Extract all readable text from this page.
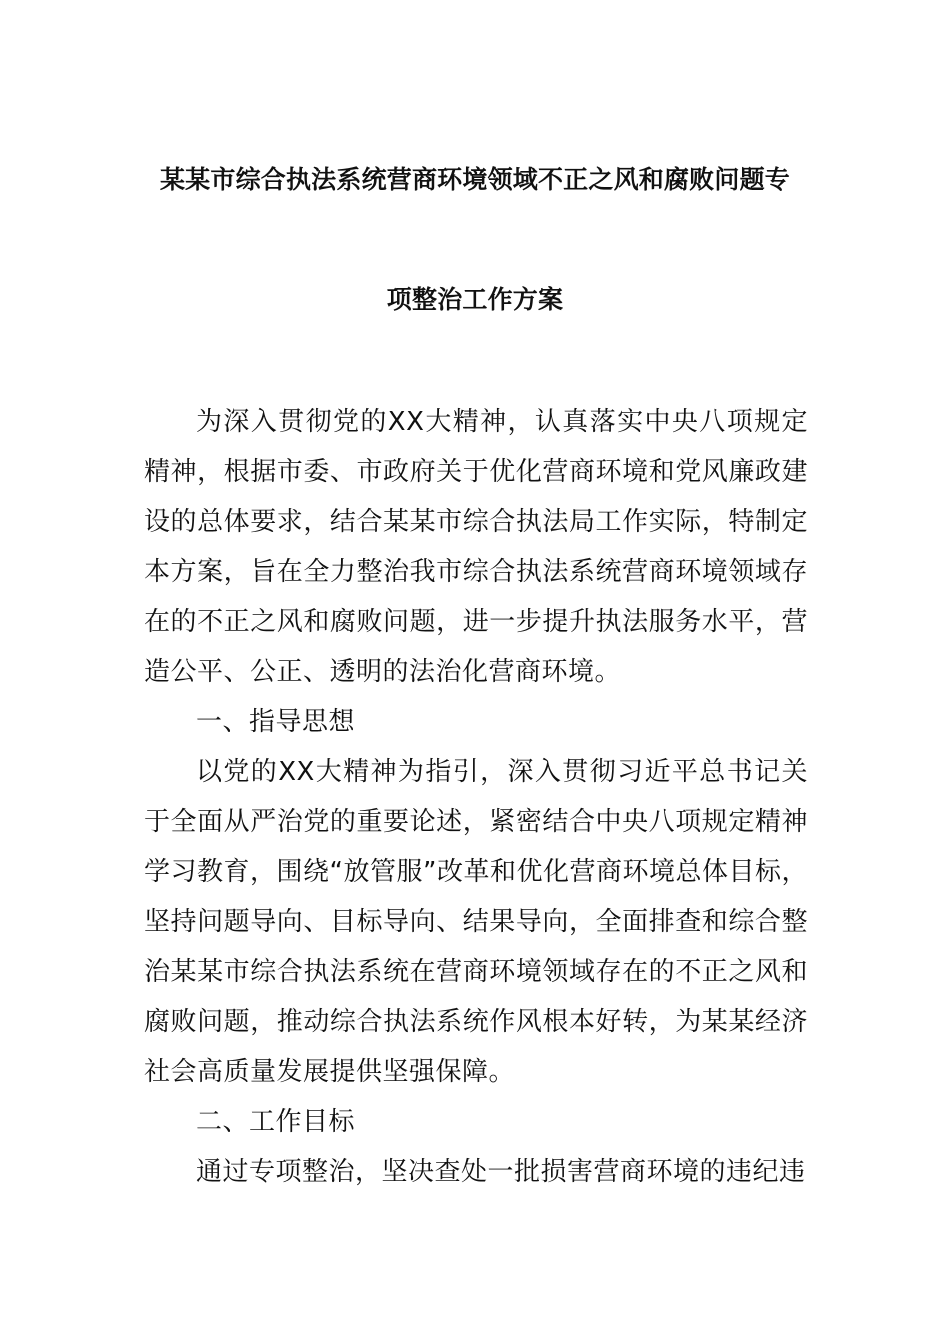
某某市综合执法系统营商环境领域不正之风和腐败问题专
项整治工作方案

为深入贯彻党的XX大精神，认真落实中央八项规定精神，根据市委、市政府关于优化营商环境和党风廉政建设的总体要求，结合某某市综合执法局工作实际，特制定本方案，旨在全力整治我市综合执法系统营商环境领域存在的不正之风和腐败问题，进一步提升执法服务水平，营造公平、公正、透明的法治化营商环境。

一、指导思想

以党的XX大精神为指引，深入贯彻习近平总书记关于全面从严治党的重要论述，紧密结合中央八项规定精神学习教育，围绕“放管服”改革和优化营商环境总体目标，坚持问题导向、目标导向、结果导向，全面排查和综合整治某某市综合执法系统在营商环境领域存在的不正之风和腐败问题，推动综合执法系统作风根本好转，为某某经济社会高质量发展提供坚强保障。

二、工作目标

通过专项整治，坚决查处一批损害营商环境的违纪违
